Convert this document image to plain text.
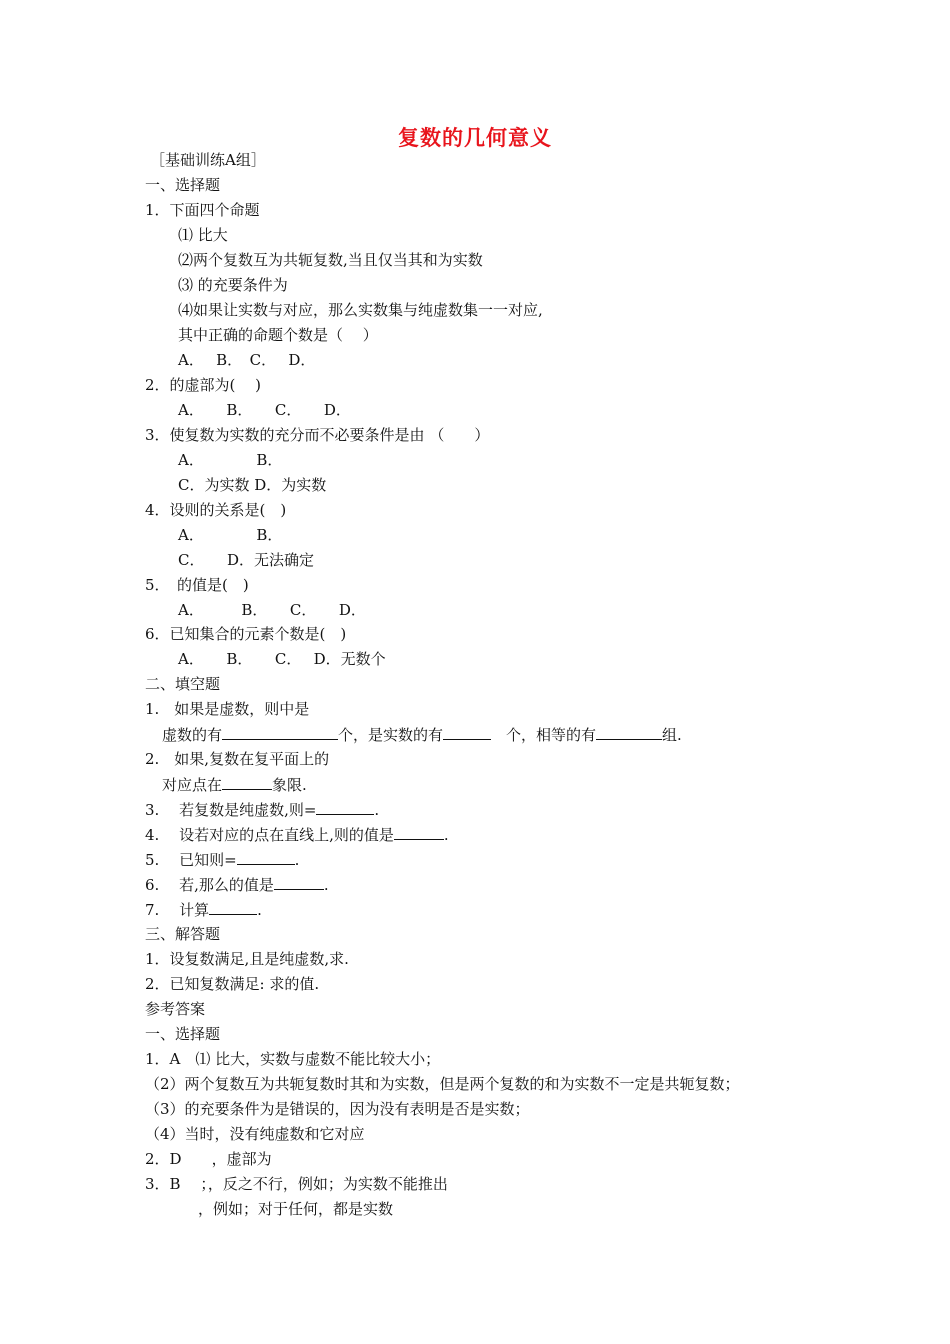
复数的几何意义
［基础训练A组］
一、选择题
1．下面四个命题
⑴ 比大
⑵两个复数互为共轭复数,当且仅当其和为实数
⑶ 的充要条件为
⑷如果让实数与对应，那么实数集与纯虚数集一一对应,
其中正确的命题个数是（　 ）
A．　 B．　C．　 D．
2．的虚部为(　 )
A．　　B．　　C．　　D．
3．使复数为实数的充分而不必要条件是由 （　　）
A．　　　　B．
C．为实数 D．为实数
4．设则的关系是(　)
A．　　　　B．
C．　　D．无法确定
5．　的值是(　)
A．　　　B．　　C．　　D．
6．已知集合的元素个数是(　)
A．　　B．　　C．　 D．无数个
二、填空题
1.　如果是虚数，则中是
虚数的有	个，是实数的有	　个，相等的有	组.
2.　如果,复数在复平面上的
对应点在	象限.
3.　 若复数是纯虚数,则=	.
4.　 设若对应的点在直线上,则的值是	.
5.　 已知则=	.
6.　 若,那么的值是	.
7.　 计算	.
三、解答题
1．设复数满足,且是纯虚数,求.
2．已知复数满足: 求的值.
参考答案
一、选择题
1．A　⑴ 比大，实数与虚数不能比较大小；
（2）两个复数互为共轭复数时其和为实数，但是两个复数的和为实数不一定是共轭复数；
（3）的充要条件为是错误的，因为没有表明是否是实数；
（4）当时，没有纯虚数和它对应
2．D　　，虚部为
3．B　 ；，反之不行，例如；为实数不能推出
，例如；对于任何，都是实数
